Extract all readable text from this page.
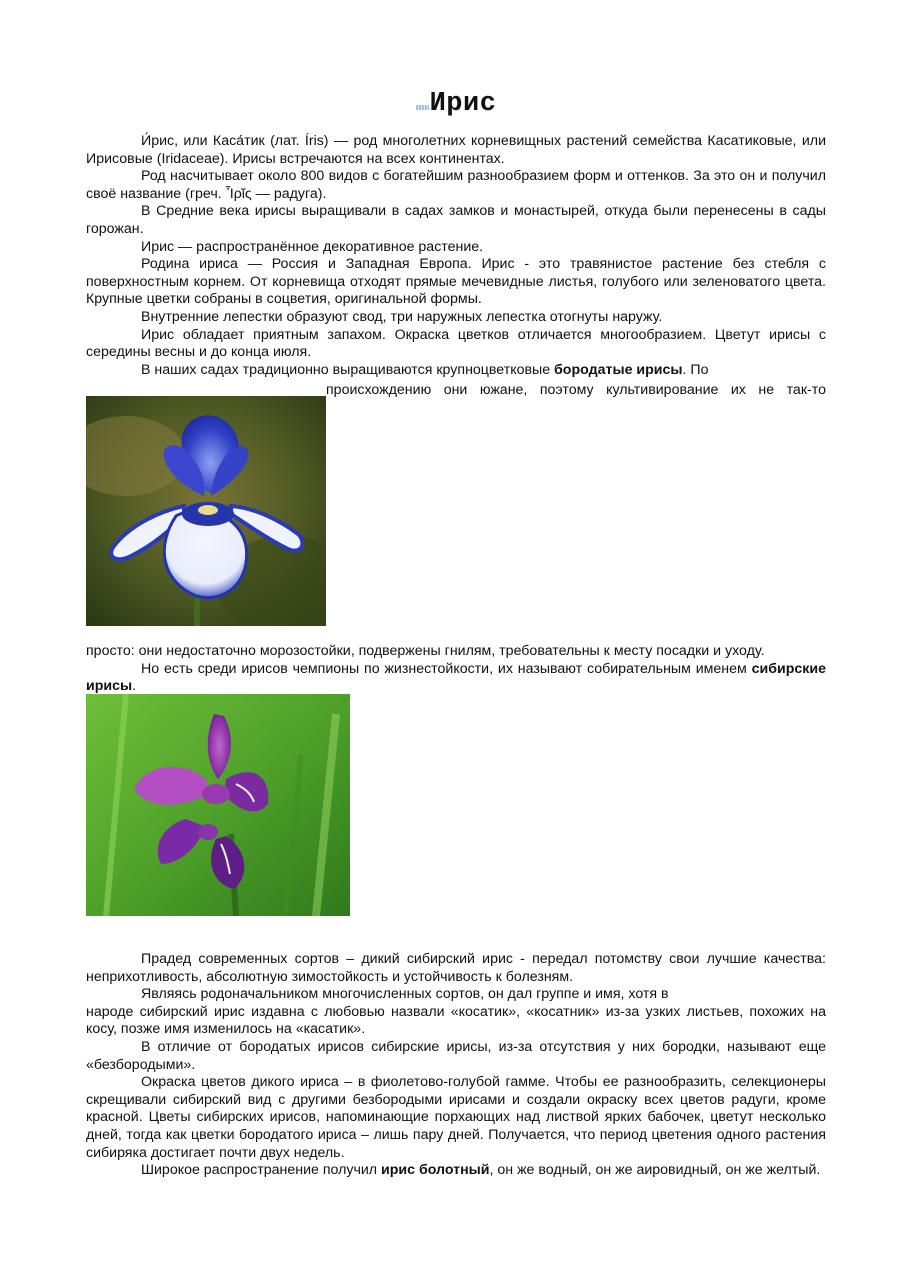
Ирис

И́рис, или Каса́тик (лат. Íris) — род многолетних корневищных растений семейства Касатиковые, или Ирисовые (Iridaceae). Ирисы встречаются на всех континентах.

Род насчитывает около 800 видов с богатейшим разнообразием форм и оттенков. За это он и получил своё название (греч. Ἶρῐς — радуга).

В Средние века ирисы выращивали в садах замков и монастырей, откуда были перенесены в сады горожан.

Ирис — распространённое декоративное растение.

Родина ириса — Россия и Западная Европа. Ирис - это травянистое растение без стебля с поверхностным корнем. От корневища отходят прямые мечевидные листья, голубого или зеленоватого цвета. Крупные цветки собраны в соцветия, оригинальной формы.

Внутренние лепестки образуют свод, три наружных лепестка отогнуты наружу.

Ирис обладает приятным запахом. Окраска цветков отличается многообразием. Цветут ирисы с середины весны и до конца июля.

В наших садах традиционно выращиваются крупноцветковые бородатые ирисы. По

происхождению они южане, поэтому культивирование их не так-то

просто: они недостаточно морозостойки, подвержены гнилям, требовательны к месту посадки и уходу.

Но есть среди ирисов чемпионы по жизнестойкости, их называют собирательным именем сибирские ирисы.

Прадед современных сортов – дикий сибирский ирис - передал потомству свои лучшие качества: неприхотливость, абсолютную зимостойкость и устойчивость к болезням.

Являясь родоначальником многочисленных сортов, он дал группе и имя, хотя в

народе сибирский ирис издавна с любовью назвали «косатик», «косатник» из-за узких листьев, похожих на косу, позже имя изменилось на «касатик».

В отличие от бородатых ирисов сибирские ирисы, из-за отсутствия у них бородки, называют еще «безбородыми».

Окраска цветов дикого ириса – в фиолетово-голубой гамме. Чтобы ее разнообразить, селекционеры скрещивали сибирский вид с другими безбородыми ирисами и создали окраску всех цветов радуги, кроме красной. Цветы сибирских ирисов, напоминающие порхающих над листвой ярких бабочек, цветут несколько дней, тогда как цветки бородатого ириса – лишь пару дней. Получается, что период цветения одного растения сибиряка достигает почти двух недель.

Широкое распространение получил ирис болотный, он же водный, он же аировидный, он же желтый.
